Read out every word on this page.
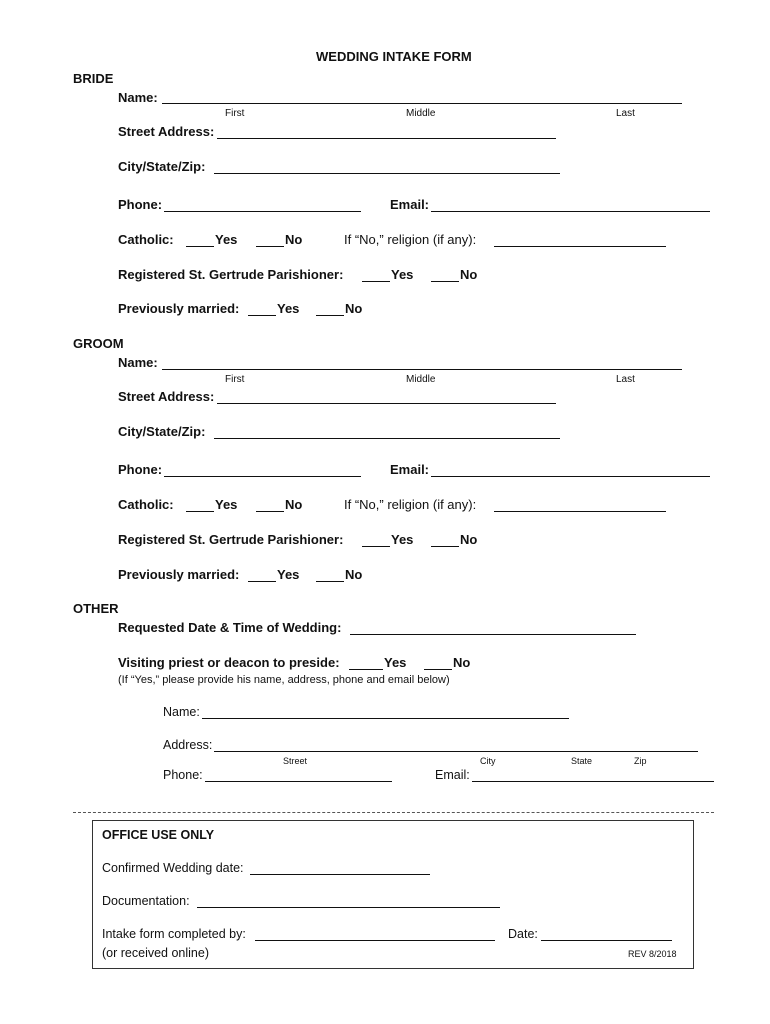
WEDDING INTAKE FORM
BRIDE
Name:
First	Middle	Last
Street Address:
City/State/Zip:
Phone:	Email:
Catholic:	Yes	No	If “No,” religion (if any):
Registered St. Gertrude Parishioner:	Yes	No
Previously married:	Yes	No
GROOM
Name:
First	Middle	Last
Street Address:
City/State/Zip:
Phone:	Email:
Catholic:	Yes	No	If “No,” religion (if any):
Registered St. Gertrude Parishioner:	Yes	No
Previously married:	Yes	No
OTHER
Requested Date & Time of Wedding:
Visiting priest or deacon to preside:	Yes	No
(If “Yes,” please provide his name, address, phone and email below)
Name:
Address:
Street	City	State	Zip
Phone:	Email:
OFFICE USE ONLY
Confirmed Wedding date:
Documentation:
Intake form completed by:	Date:
(or received online)	REV 8/2018
